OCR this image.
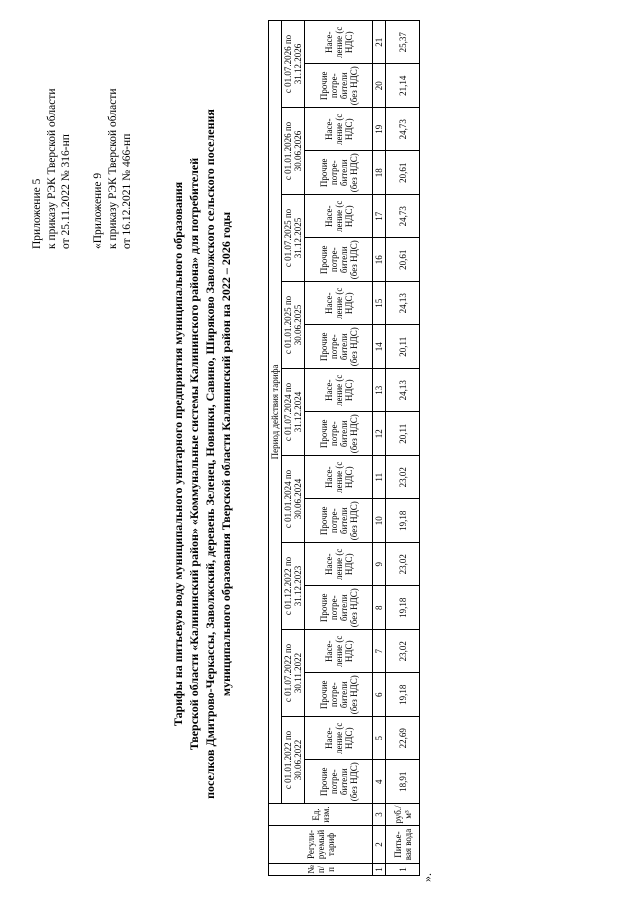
Приложение 5 к приказу РЭК Тверской области от 25.11.2022 № 316-нп «Приложение 9 к приказу РЭК Тверской области от 16.12.2021 № 466-нп	Тарифы на питьевую воду муниципального унитарного предприятия муниципального образования Тверской области «Калининский район» «Коммунальные системы Калининского района» для потребителей поселков Дмитрово-Черкассы, Заволжский, деревень Зеленец, Новинки, Савино, Ширяково Заволжского сельского поселения муниципального образования Тверской области Калининский район на 2022 – 2026 годы
№ п/ п	Регули- руемый тариф	Ед. изм.	Период действия тарифа																	
			с 01.01.2022 по 30.06.2022		с 01.07.2022 по 30.11.2022		с 01.12.2022 по 31.12.2023		с 01.01.2024 по 30.06.2024		с 01.07.2024 по 31.12.2024		с 01.01.2025 по 30.06.2025		с 01.07.2025 по 31.12.2025		с 01.01.2026 по 30.06.2026		с 01.07.2026 по 31.12.2026	
			Прочие потре- бители (без НДС)	Насе- ление (с НДС)	Прочие потре- бители (без НДС)	Насе- ление (с НДС)	Прочие потре- бители (без НДС)	Насе- ление (с НДС)	Прочие потре- бители (без НДС)	Насе- ление (с НДС)	Прочие потре- бители (без НДС)	Насе- ление (с НДС)	Прочие потре- бители (без НДС)	Насе- ление (с НДС)	Прочие потре- бители (без НДС)	Насе- ление (с НДС)	Прочие потре- бители (без НДС)	Насе- ление (с НДС)	Прочие потре- бители (без НДС)	Насе- ление (с НДС)
1	2	3	4	5	6	7	8	9	10	11	12	13	14	15	16	17	18	19	20	21
1	Питье- вая вода	руб./ м³	18,91	22,69	19,18	23,02	19,18	23,02	19,18	23,02	20,11	24,13	20,11	24,13	20,61	24,73	20,61	24,73	21,14	25,37
».
